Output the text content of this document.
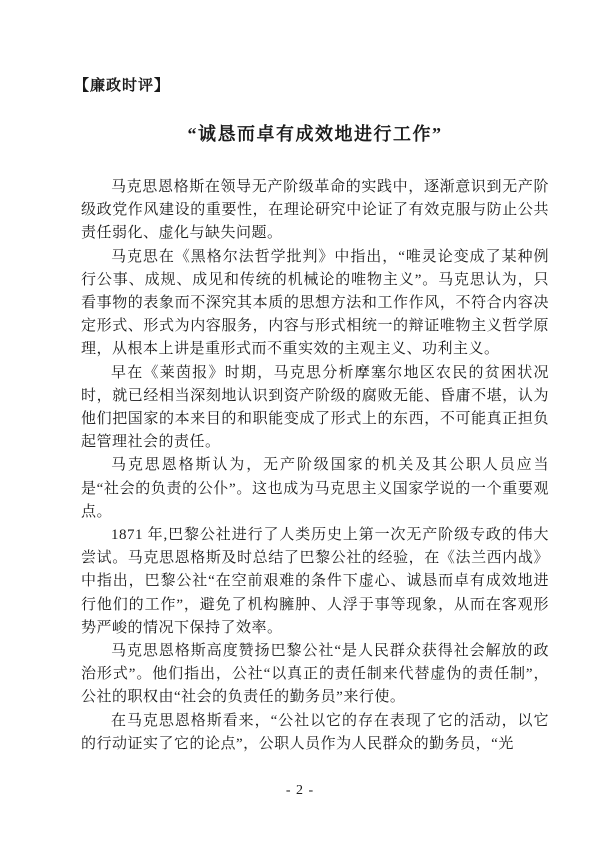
【廉政时评】
“诚恳而卓有成效地进行工作”

马克思恩格斯在领导无产阶级革命的实践中，逐渐意识到无产阶级政党作风建设的重要性，在理论研究中论证了有效克服与防止公共责任弱化、虚化与缺失问题。

马克思在《黑格尔法哲学批判》中指出，“唯灵论变成了某种例行公事、成规、成见和传统的机械论的唯物主义”。马克思认为，只看事物的表象而不深究其本质的思想方法和工作作风，不符合内容决定形式、形式为内容服务，内容与形式相统一的辩证唯物主义哲学原理，从根本上讲是重形式而不重实效的主观主义、功利主义。

早在《莱茵报》时期，马克思分析摩塞尔地区农民的贫困状况时，就已经相当深刻地认识到资产阶级的腐败无能、昏庸不堪，认为他们把国家的本来目的和职能变成了形式上的东西，不可能真正担负起管理社会的责任。

马克思恩格斯认为，无产阶级国家的机关及其公职人员应当是“社会的负责的公仆”。这也成为马克思主义国家学说的一个重要观点。

1871 年,巴黎公社进行了人类历史上第一次无产阶级专政的伟大尝试。马克思恩格斯及时总结了巴黎公社的经验，在《法兰西内战》中指出，巴黎公社“在空前艰难的条件下虚心、诚恳而卓有成效地进行他们的工作”，避免了机构臃肿、人浮于事等现象，从而在客观形势严峻的情况下保持了效率。

马克思恩格斯高度赞扬巴黎公社“是人民群众获得社会解放的政治形式”。他们指出，公社“以真正的责任制来代替虚伪的责任制”，公社的职权由“社会的负责任的勤务员”来行使。

在马克思恩格斯看来，“公社以它的存在表现了它的活动，以它的行动证实了它的论点”，公职人员作为人民群众的勤务员，“光

- 2 -
